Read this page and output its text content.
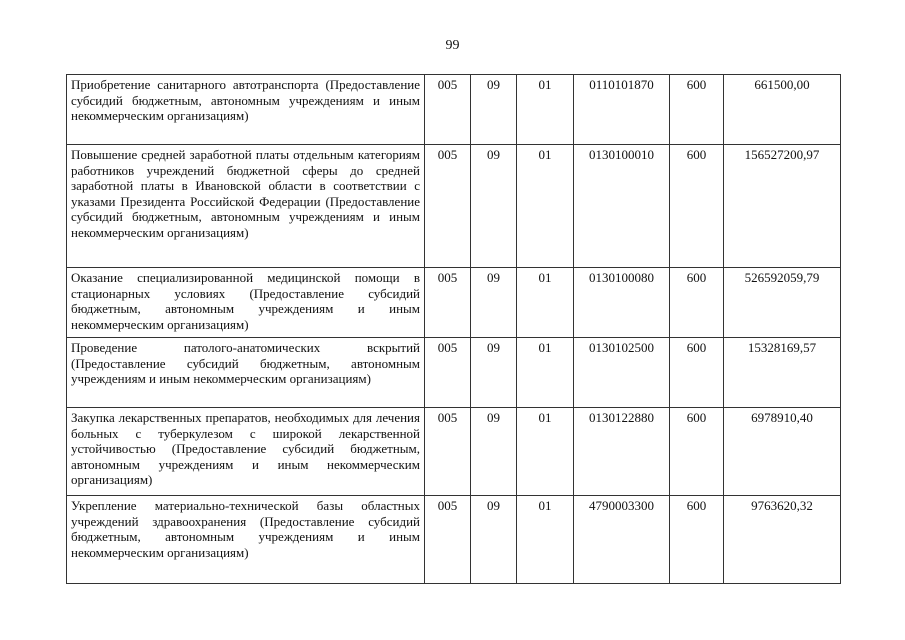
99
Приобретение санитарного автотранспорта (Предоставление субсидий бюджетным, автономным учреждениям и иным некоммерческим организациям)	005	09	01	0110101870	600	661500,00
Повышение средней заработной платы отдельным категориям работников учреждений бюджетной сферы до средней заработной платы в Ивановской области в соответствии с указами Президента Российской Федерации (Предоставление субсидий бюджетным, автономным учреждениям и иным некоммерческим организациям)	005	09	01	0130100010	600	156527200,97
Оказание специализированной медицинской помощи в стационарных условиях (Предоставление субсидий бюджетным, автономным учреждениям и иным некоммерческим организациям)	005	09	01	0130100080	600	526592059,79
Проведение патолого-анатомических вскрытий (Предоставление субсидий бюджетным, автономным учреждениям и иным некоммерческим организациям)	005	09	01	0130102500	600	15328169,57
Закупка лекарственных препаратов, необходимых для лечения больных с туберкулезом с широкой лекарственной устойчивостью (Предоставление субсидий бюджетным, автономным учреждениям и иным некоммерческим организациям)	005	09	01	0130122880	600	6978910,40
Укрепление материально-технической базы областных учреждений здравоохранения (Предоставление субсидий бюджетным, автономным учреждениям и иным некоммерческим организациям)	005	09	01	4790003300	600	9763620,32
